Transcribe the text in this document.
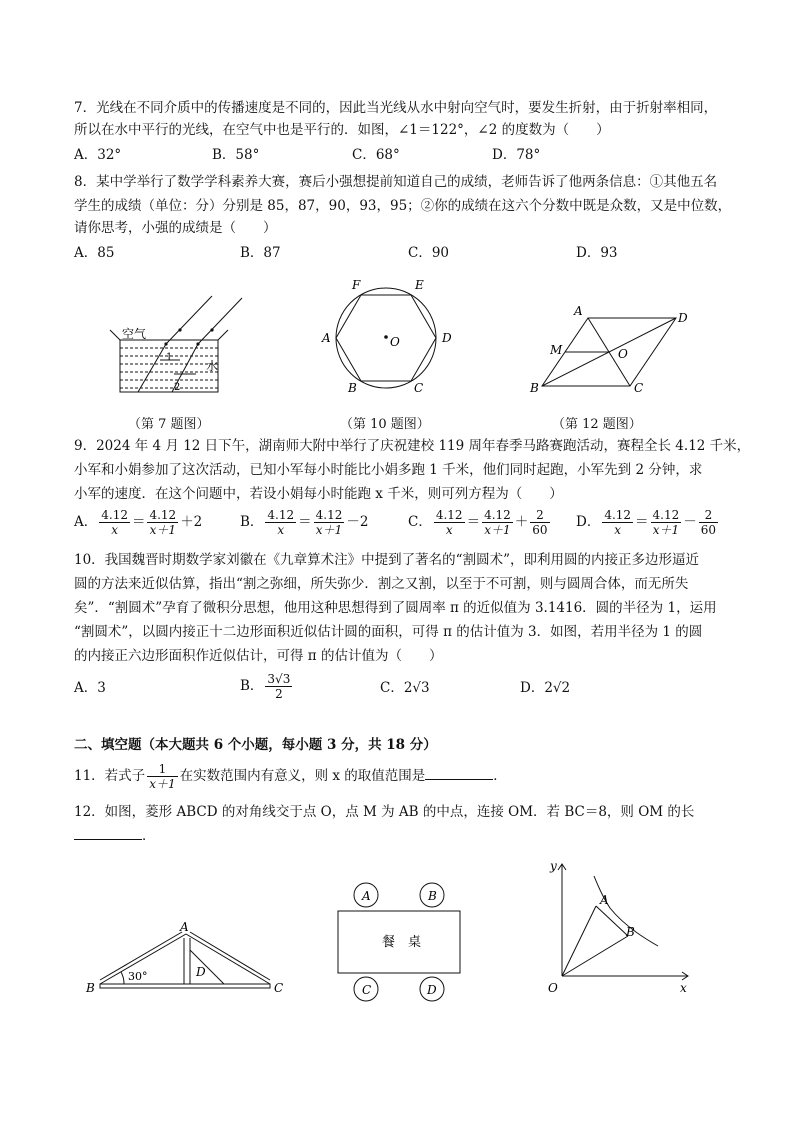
7．光线在不同介质中的传播速度是不同的，因此当光线从水中射向空气时，要发生折射，由于折射率相同，
所以在水中平行的光线，在空气中也是平行的．如图，∠1＝122°，∠2 的度数为（　　）
A．32°	B．58°	C．68°	D．78°
8．某中学举行了数学学科素养大赛，赛后小强想提前知道自己的成绩，老师告诉了他两条信息：①其他五名
学生的成绩（单位：分）分别是 85，87，90，93，95；②你的成绩在这六个分数中既是众数，又是中位数，
请你思考，小强的成绩是（　　）
A．85	B．87	C．90	D．93
空气
水
1
2
（第 7 题图）
F	E
A	D
O
B	C
（第 10 题图）
A	D
M	O
B	C
（第 12 题图）
9．2024 年 4 月 12 日下午，湖南师大附中举行了庆祝建校 119 周年春季马路赛跑活动，赛程全长 4.12 千米，
小军和小娟参加了这次活动，已知小军每小时能比小娟多跑 1 千米，他们同时起跑，小军先到 2 分钟，求
小军的速度．在这个问题中，若设小娟每小时能跑 x 千米，则可列方程为（　　）
A． $\frac{4.12}{x} = \frac{4.12}{x+1} +2$	B． $\frac{4.12}{x} = \frac{4.12}{x+1} -2$	C． $\frac{4.12}{x} = \frac{4.12}{x+1} + \frac{2}{60}$ D． $\frac{4.12}{x} = \frac{4.12}{x+1} - \frac{2}{60}$
10．我国魏晋时期数学家刘徽在《九章算术注》中提到了著名的“割圆术”，即利用圆的内接正多边形逼近
圆的方法来近似估算，指出“割之弥细，所失弥少．割之又割，以至于不可割，则与圆周合体，而无所失
矣”．“割圆术”孕育了微积分思想，他用这种思想得到了圆周率 π 的近似值为 3.1416．圆的半径为 1，运用
“割圆术”，以圆内接正十二边形面积近似估计圆的面积，可得 π 的估计值为 3．如图，若用半径为 1 的圆
的内接正六边形面积作近似估计，可得 π 的估计值为（　　）
A．3	B． $\frac{3√3}{2}$	C．2√3	D．2√2
二、填空题（本大题共 6 个小题，每小题 3 分，共 18 分）
11．若式子 $\frac{1}{x+1}$ 在实数范围内有意义，则 x 的取值范围是	．
12．如图，菱形 ABCD 的对角线交于点 O，点 M 为 AB 的中点，连接 OM．若 BC＝8，则 OM 的长
．
A
B	C
D
30°
A	B
C	D
餐　桌
y
x
O
A
B
